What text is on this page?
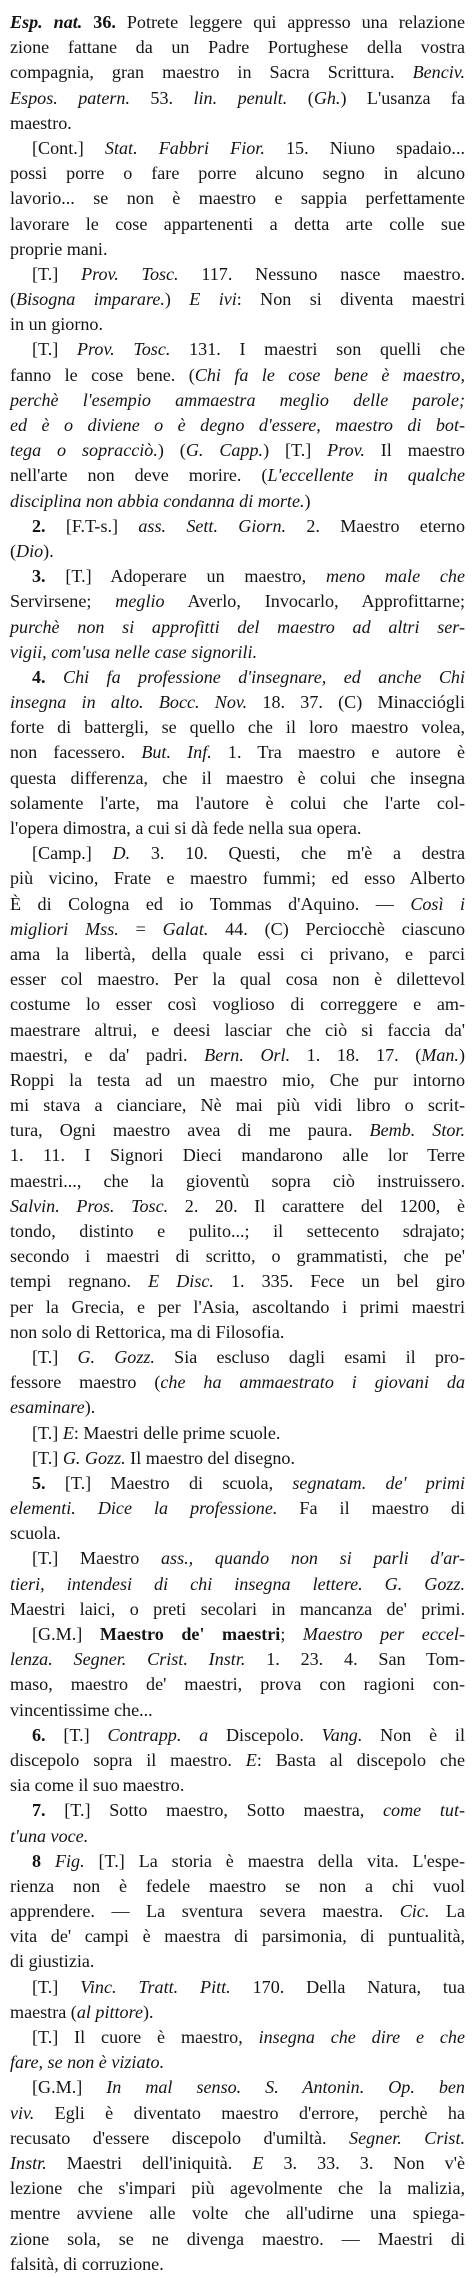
Esp. nat. 36. Potrete leggere qui appresso una relazione
zione fattane da un Padre Portughese della vostra
compagnia, gran maestro in Sacra Scrittura. Benciv.
Espos. patern. 53. lin. penult. (Gh.) L'usanza fa
maestro.
[Cont.] Stat. Fabbri Fior. 15. Niuno spadaio...
possi porre o fare porre alcuno segno in alcuno
lavorio... se non è maestro e sappia perfettamente
lavorare le cose appartenenti a detta arte colle sue
proprie mani.
[T.] Prov. Tosc. 117. Nessuno nasce maestro.
(Bisogna imparare.) E ivi: Non si diventa maestri
in un giorno.
[T.] Prov. Tosc. 131. I maestri son quelli che
fanno le cose bene. (Chi fa le cose bene è maestro,
perchè l'esempio ammaestra meglio delle parole;
ed è o diviene o è degno d'essere, maestro di bot-
tega o sopracciò.) (G. Capp.) [T.] Prov. Il maestro
nell'arte non deve morire. (L'eccellente in qualche
disciplina non abbia condanna di morte.)
2. [F.T-s.] ass. Sett. Giorn. 2. Maestro eterno
(Dio).
3. [T.] Adoperare un maestro, meno male che
Servirsene; meglio Averlo, Invocarlo, Approfittarne;
purchè non si approfitti del maestro ad altri ser-
vigii, com'usa nelle case signorili.
4. Chi fa professione d'insegnare, ed anche Chi
insegna in alto. Bocc. Nov. 18. 37. (C) Minacciógli
forte di battergli, se quello che il loro maestro volea,
non facessero. But. Inf. 1. Tra maestro e autore è
questa differenza, che il maestro è colui che insegna
solamente l'arte, ma l'autore è colui che l'arte col-
l'opera dimostra, a cui si dà fede nella sua opera.
[Camp.] D. 3. 10. Questi, che m'è a destra
più vicino, Frate e maestro fummi; ed esso Alberto
È di Cologna ed io Tommas d'Aquino. — Così i
migliori Mss. = Galat. 44. (C) Perciocchè ciascuno
ama la libertà, della quale essi ci privano, e parci
esser col maestro. Per la qual cosa non è dilettevol
costume lo esser così voglioso di correggere e am-
maestrare altrui, e deesi lasciar che ciò si faccia da'
maestri, e da' padri. Bern. Orl. 1. 18. 17. (Man.)
Roppi la testa ad un maestro mio, Che pur intorno
mi stava a cianciare, Nè mai più vidi libro o scrit-
tura, Ogni maestro avea di me paura. Bemb. Stor.
1. 11. I Signori Dieci mandarono alle lor Terre
maestri..., che la gioventù sopra ciò instruissero.
Salvin. Pros. Tosc. 2. 20. Il carattere del 1200, è
tondo, distinto e pulito...; il settecento sdrajato;
secondo i maestri di scritto, o grammatisti, che pe'
tempi regnano. E Disc. 1. 335. Fece un bel giro
per la Grecia, e per l'Asia, ascoltando i primi maestri
non solo di Rettorica, ma di Filosofia.
[T.] G. Gozz. Sia escluso dagli esami il pro-
fessore maestro (che ha ammaestrato i giovani da
esaminare).
[T.] E: Maestri delle prime scuole.
[T.] G. Gozz. Il maestro del disegno.
5. [T.] Maestro di scuola, segnatam. de' primi
elementi. Dice la professione. Fa il maestro di
scuola.
[T.] Maestro ass., quando non si parli d'ar-
tieri, intendesi di chi insegna lettere. G. Gozz.
Maestri laici, o preti secolari in mancanza de' primi.
[G.M.] Maestro de' maestri; Maestro per eccel-
lenza. Segner. Crist. Instr. 1. 23. 4. San Tom-
maso, maestro de' maestri, prova con ragioni con-
vincentissime che...
6. [T.] Contrapp. a Discepolo. Vang. Non è il
discepolo sopra il maestro. E: Basta al discepolo che
sia come il suo maestro.
7. [T.] Sotto maestro, Sotto maestra, come tut-
t'una voce.
8 Fig. [T.] La storia è maestra della vita. L'espe-
rienza non è fedele maestro se non a chi vuol
apprendere. — La sventura severa maestra. Cic. La
vita de' campi è maestra di parsimonia, di puntualità,
di giustizia.
[T.] Vinc. Tratt. Pitt. 170. Della Natura, tua
maestra (al pittore).
[T.] Il cuore è maestro, insegna che dire e che
fare, se non è viziato.
[G.M.] In mal senso. S. Antonin. Op. ben
viv. Egli è diventato maestro d'errore, perchè ha
recusato d'essere discepolo d'umiltà. Segner. Crist.
Instr. Maestri dell'iniquità. E 3. 33. 3. Non v'è
lezione che s'impari più agevolmente che la malizia,
mentre avviene alle volte che all'udirne una spiega-
zione sola, se ne divenga maestro. — Maestri di
falsità, di corruzione.
